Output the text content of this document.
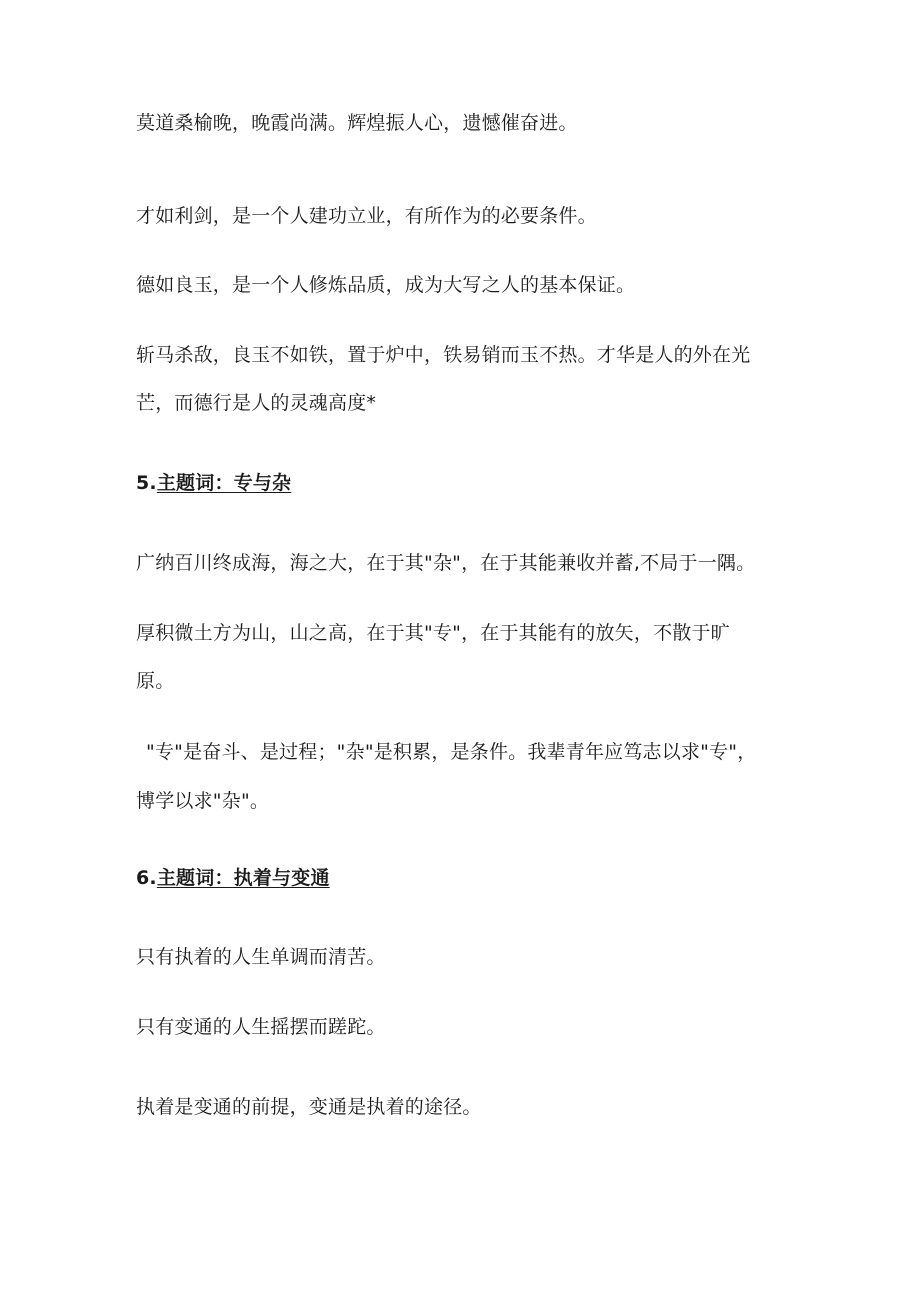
莫道桑榆晚，晚霞尚满。辉煌振人心，遗憾催奋进。
才如利剑，是一个人建功立业，有所作为的必要条件。
德如良玉，是一个人修炼品质，成为大写之人的基本保证。
斩马杀敌，良玉不如铁，置于炉中，铁易销而玉不热。才华是人的外在光
芒，而德行是人的灵魂高度*
5.主题词：专与杂
广纳百川终成海，海之大，在于其"杂"，在于其能兼收并蓄,不局于一隅。
厚积微土方为山，山之高，在于其"专"，在于其能有的放矢，不散于旷
原。
"专"是奋斗、是过程；"杂"是积累，是条件。我辈青年应笃志以求"专"，
博学以求"杂"。
6.主题词：执着与变通
只有执着的人生单调而清苦。
只有变通的人生摇摆而蹉跎。
执着是变通的前提，变通是执着的途径。
